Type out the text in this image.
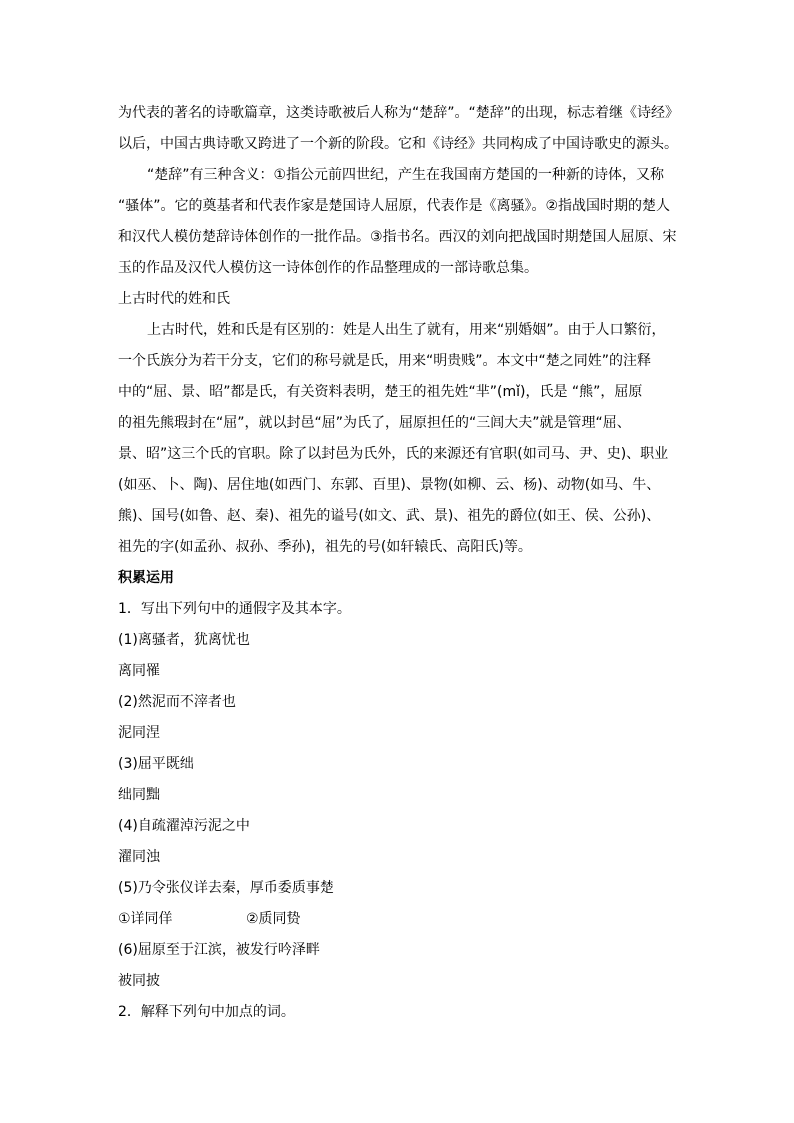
为代表的著名的诗歌篇章，这类诗歌被后人称为“楚辞”。“楚辞”的出现，标志着继《诗经》

以后，中国古典诗歌又跨进了一个新的阶段。它和《诗经》共同构成了中国诗歌史的源头。

“楚辞”有三种含义：①指公元前四世纪，产生在我国南方楚国的一种新的诗体，又称

“骚体”。它的奠基者和代表作家是楚国诗人屈原，代表作是《离骚》。②指战国时期的楚人

和汉代人模仿楚辞诗体创作的一批作品。③指书名。西汉的刘向把战国时期楚国人屈原、宋

玉的作品及汉代人模仿这一诗体创作的作品整理成的一部诗歌总集。

上古时代的姓和氏

上古时代，姓和氏是有区别的：姓是人出生了就有，用来“别婚姻”。由于人口繁衍，

一个氏族分为若干分支，它们的称号就是氏，用来“明贵贱”。本文中“楚之同姓”的注释

中的“屈、景、昭”都是氏，有关资料表明，楚王的祖先姓“芈”(mǐ)，氏是 “熊”，屈原

的祖先熊瑕封在“屈”，就以封邑“屈”为氏了，屈原担任的“三闾大夫”就是管理“屈、

景、昭”这三个氏的官职。除了以封邑为氏外，氏的来源还有官职(如司马、尹、史)、职业

(如巫、卜、陶)、居住地(如西门、东郭、百里)、景物(如柳、云、杨)、动物(如马、牛、

熊)、国号(如鲁、赵、秦)、祖先的谥号(如文、武、景)、祖先的爵位(如王、侯、公孙)、

祖先的字(如孟孙、叔孙、季孙)，祖先的号(如轩辕氏、高阳氏)等。

积累运用

1．写出下列句中的通假字及其本字。

(1)离骚者，犹离忧也

离同罹

(2)然泥而不滓者也

泥同涅

(3)屈平既绌

绌同黜

(4)自疏濯淖污泥之中

濯同浊

(5)乃令张仪详去秦，厚币委质事楚

①详同佯	②质同贽

(6)屈原至于江滨，被发行吟泽畔

被同披

2．解释下列句中加点的词。
